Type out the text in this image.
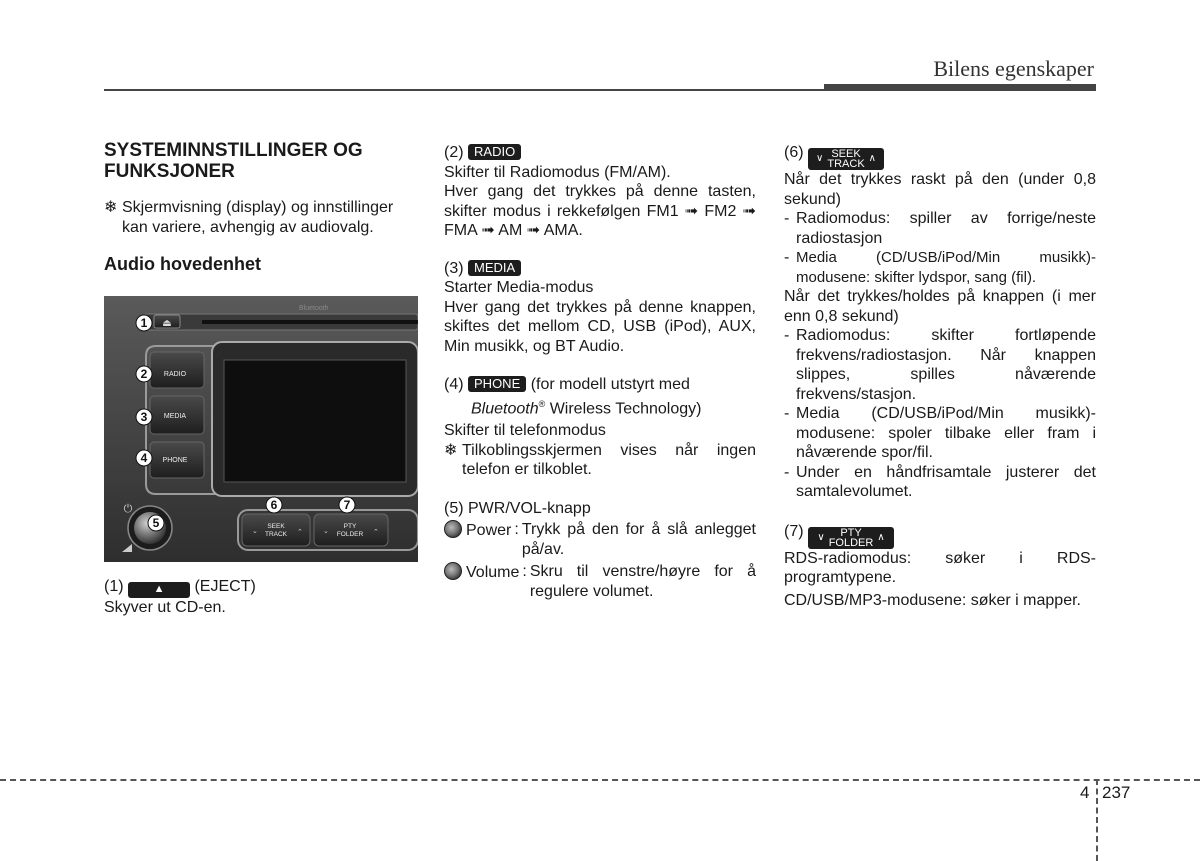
Bilens egenskaper
SYSTEMINNSTILLINGER OG
FUNKSJONER
❄ Skjermvisning (display) og innstillinger kan variere, avhengig av audiovalg.
Audio hovedenhet
⏏
Bluetooth
RADIO
MEDIA
PHONE
⏻
SEEK
TRACK
PTY
FOLDER
⌄	⌃	⌄	⌃
1
2
3
4
5
6	7

(1)	▲ (EJECT)

Skyver ut CD-en.

(2) RADIO

Skifter til Radiomodus (FM/AM).

Hver gang det trykkes på denne tasten, skifter modus i rekkefølgen FM1 ➟ FM2 ➟ FMA ➟ AM ➟ AMA.

(3) MEDIA

Starter Media-modus

Hver gang det trykkes på denne knappen, skiftes det mellom CD, USB (iPod), AUX, Min musikk, og BT Audio.

(4) PHONE (for modell utstyrt med

Bluetooth® Wireless Technology)

Skifter til telefonmodus

❄ Tilkoblingsskjermen vises når ingen telefon er tilkoblet.

(5) PWR/VOL-knapp

Power : Trykk på den for å slå anlegget på/av.
Volume : Skru til venstre/høyre for å regulere volumet.

(6)	∨ SEEK
TRACK ∧

Når det trykkes raskt på den (under 0,8 sekund)

- Radiomodus: spiller av forrige/neste radiostasjon
- Media (CD/USB/iPod/Min musikk)-modusene: skifter lydspor, sang (fil).

Når det trykkes/holdes på knappen (i mer enn 0,8 sekund)

- Radiomodus: skifter fortløpende frekvens/radiostasjon. Når knappen slippes, spilles nåværende frekvens/stasjon.
- Media (CD/USB/iPod/Min musikk)-modusene: spoler tilbake eller fram i nåværende spor/fil.
- Under en håndfrisamtale justerer det samtalevolumet.

(7)	∨	PTY
FOLDER ∧

RDS-radiomodus: søker i RDS-programtypene.

CD/USB/MP3-modusene: søker i mapper.

4 237
